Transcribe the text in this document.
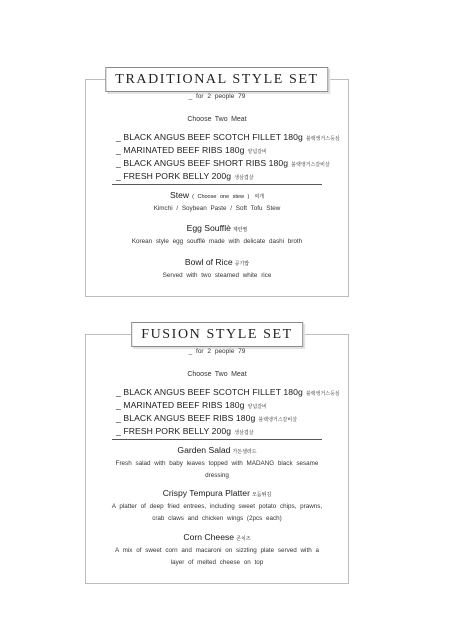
TRADITIONAL STYLE SET
_ for 2 people 79
Choose Two Meat
_ BLACK ANGUS BEEF SCOTCH FILLET 180g 블랙앵거스등심
_ MARINATED BEEF RIBS 180g 양념갈비
_ BLACK ANGUS BEEF SHORT RIBS 180g 블랙앵거스갈비살
_ FRESH PORK BELLY 200g 생삼겹살
Stew ( Choose one stew ) 찌개
Kimchi / Soybean Paste / Soft Tofu Stew
Egg Soufflè 계란찜
Korean style egg soufflè made with delicate dashi broth
Bowl of Rice 공기밥
Served with two steamed white rice
FUSION STYLE SET
_ for 2 people 79
Choose Two Meat
_ BLACK ANGUS BEEF SCOTCH FILLET 180g 블랙앵거스등심
_ MARINATED BEEF RIBS 180g 양념갈비
_ BLACK ANGUS BEEF RIBS 180g 블랙앵거스갈비살
_ FRESH PORK BELLY 200g 생삼겹살
Garden Salad 가든샐러드
Fresh salad with baby leaves topped with MADANG black sesame dressing
Crispy Tempura Platter 모듬튀김
A platter of deep fried entrees, including sweet potato chips, prawns, crab claws and chicken wings (2pcs each)
Corn Cheese 콘치즈
A mix of sweet corn and macaroni on sizzling plate served with a layer of melted cheese on top
